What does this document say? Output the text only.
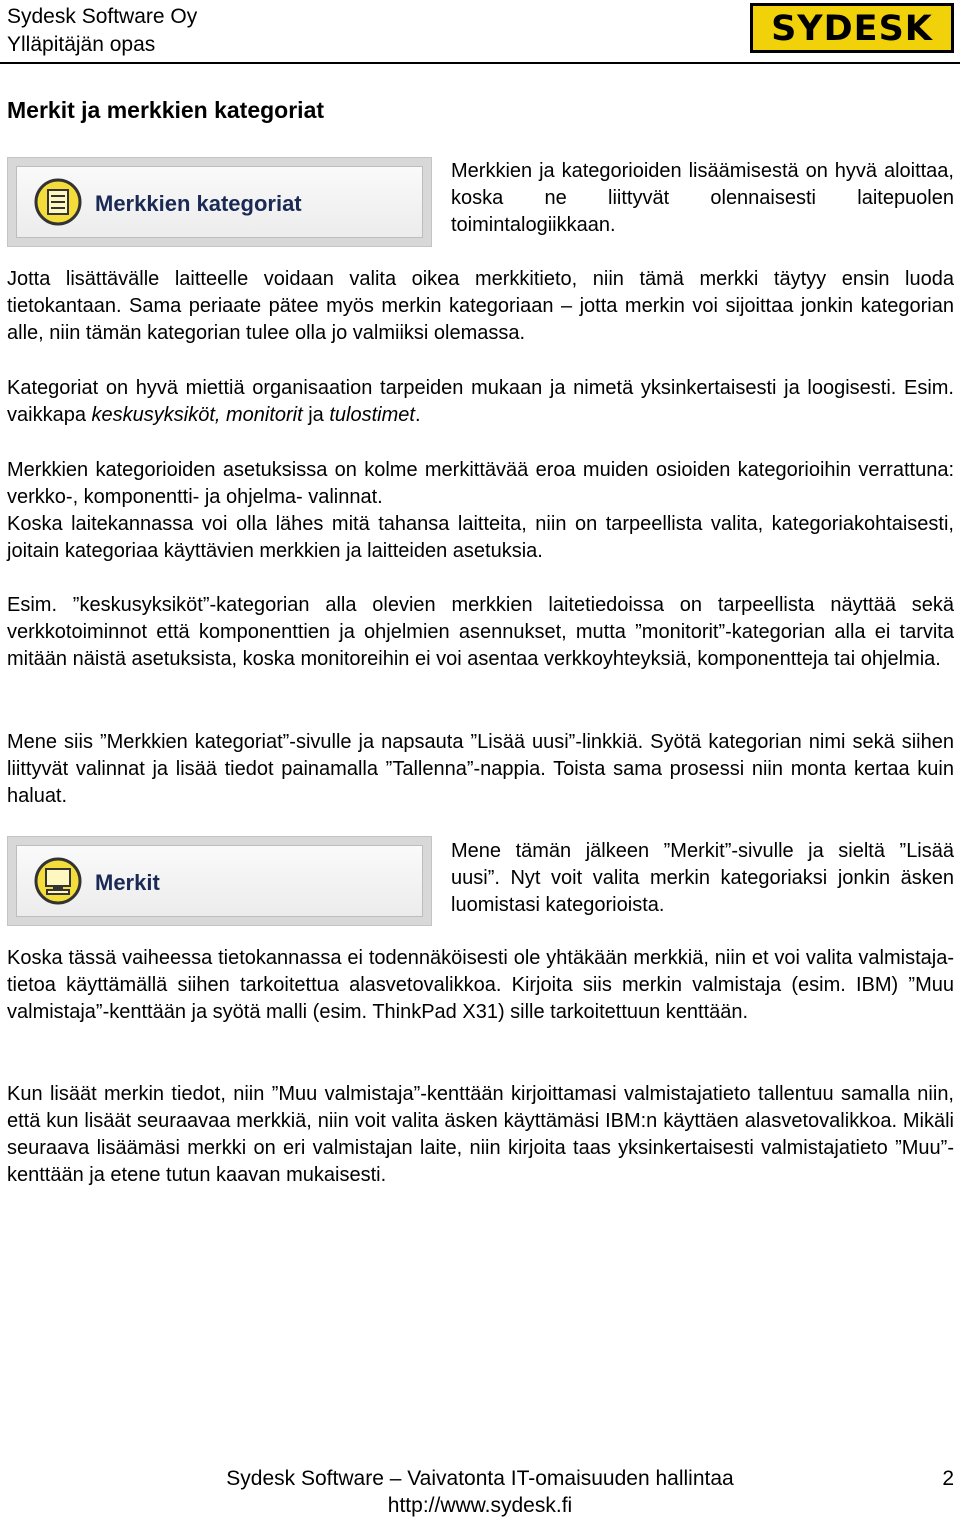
Sydesk Software Oy
Ylläpitäjän opas	SYDESK
Merkit ja merkkien kategoriat
Merkkien kategoriat
Merkkien ja kategorioiden lisäämisestä on hyvä aloittaa, koska ne liittyvät olennaisesti laitepuolen toimintalogiikkaan.
Jotta lisättävälle laitteelle voidaan valita oikea merkkitieto, niin tämä merkki täytyy ensin luoda tietokantaan. Sama periaate pätee myös merkin kategoriaan – jotta merkin voi sijoittaa jonkin kategorian alle, niin tämän kategorian tulee olla jo valmiiksi olemassa.
Kategoriat on hyvä miettiä organisaation tarpeiden mukaan ja nimetä yksinkertaisesti ja loogisesti. Esim. vaikkapa keskusyksiköt, monitorit ja tulostimet.
Merkkien kategorioiden asetuksissa on kolme merkittävää eroa muiden osioiden kategorioihin verrattuna: verkko-, komponentti- ja ohjelma- valinnat.
Koska laitekannassa voi olla lähes mitä tahansa laitteita, niin on tarpeellista valita, kategoriakohtaisesti, joitain kategoriaa käyttävien merkkien ja laitteiden asetuksia.
Esim. ”keskusyksiköt”-kategorian alla olevien merkkien laitetiedoissa on tarpeellista näyttää sekä verkkotoiminnot että komponenttien ja ohjelmien asennukset, mutta ”monitorit”-kategorian alla ei tarvita mitään näistä asetuksista, koska monitoreihin ei voi asentaa verkkoyhteyksiä, komponentteja tai ohjelmia.
Mene siis ”Merkkien kategoriat”-sivulle ja napsauta ”Lisää uusi”-linkkiä. Syötä kategorian nimi sekä siihen liittyvät valinnat ja lisää tiedot painamalla ”Tallenna”-nappia. Toista sama prosessi niin monta kertaa kuin haluat.
Merkit
Mene tämän jälkeen ”Merkit”-sivulle ja sieltä ”Lisää uusi”. Nyt voit valita merkin kategoriaksi jonkin äsken luomistasi kategorioista.
Koska tässä vaiheessa tietokannassa ei todennäköisesti ole yhtäkään merkkiä, niin et voi valita valmistaja-tietoa käyttämällä siihen tarkoitettua alasvetovalikkoa. Kirjoita siis merkin valmistaja (esim. IBM) ”Muu valmistaja”-kenttään ja syötä malli (esim. ThinkPad X31) sille tarkoitettuun kenttään.
Kun lisäät merkin tiedot, niin ”Muu valmistaja”-kenttään kirjoittamasi valmistajatieto tallentuu samalla niin, että kun lisäät seuraavaa merkkiä, niin voit valita äsken käyttämäsi IBM:n käyttäen alasvetovalikkoa. Mikäli seuraava lisäämäsi merkki on eri valmistajan laite, niin kirjoita taas yksinkertaisesti valmistajatieto ”Muu”-kenttään ja etene tutun kaavan mukaisesti.
Sydesk Software – Vaivatonta IT-omaisuuden hallintaa	2
http://www.sydesk.fi
